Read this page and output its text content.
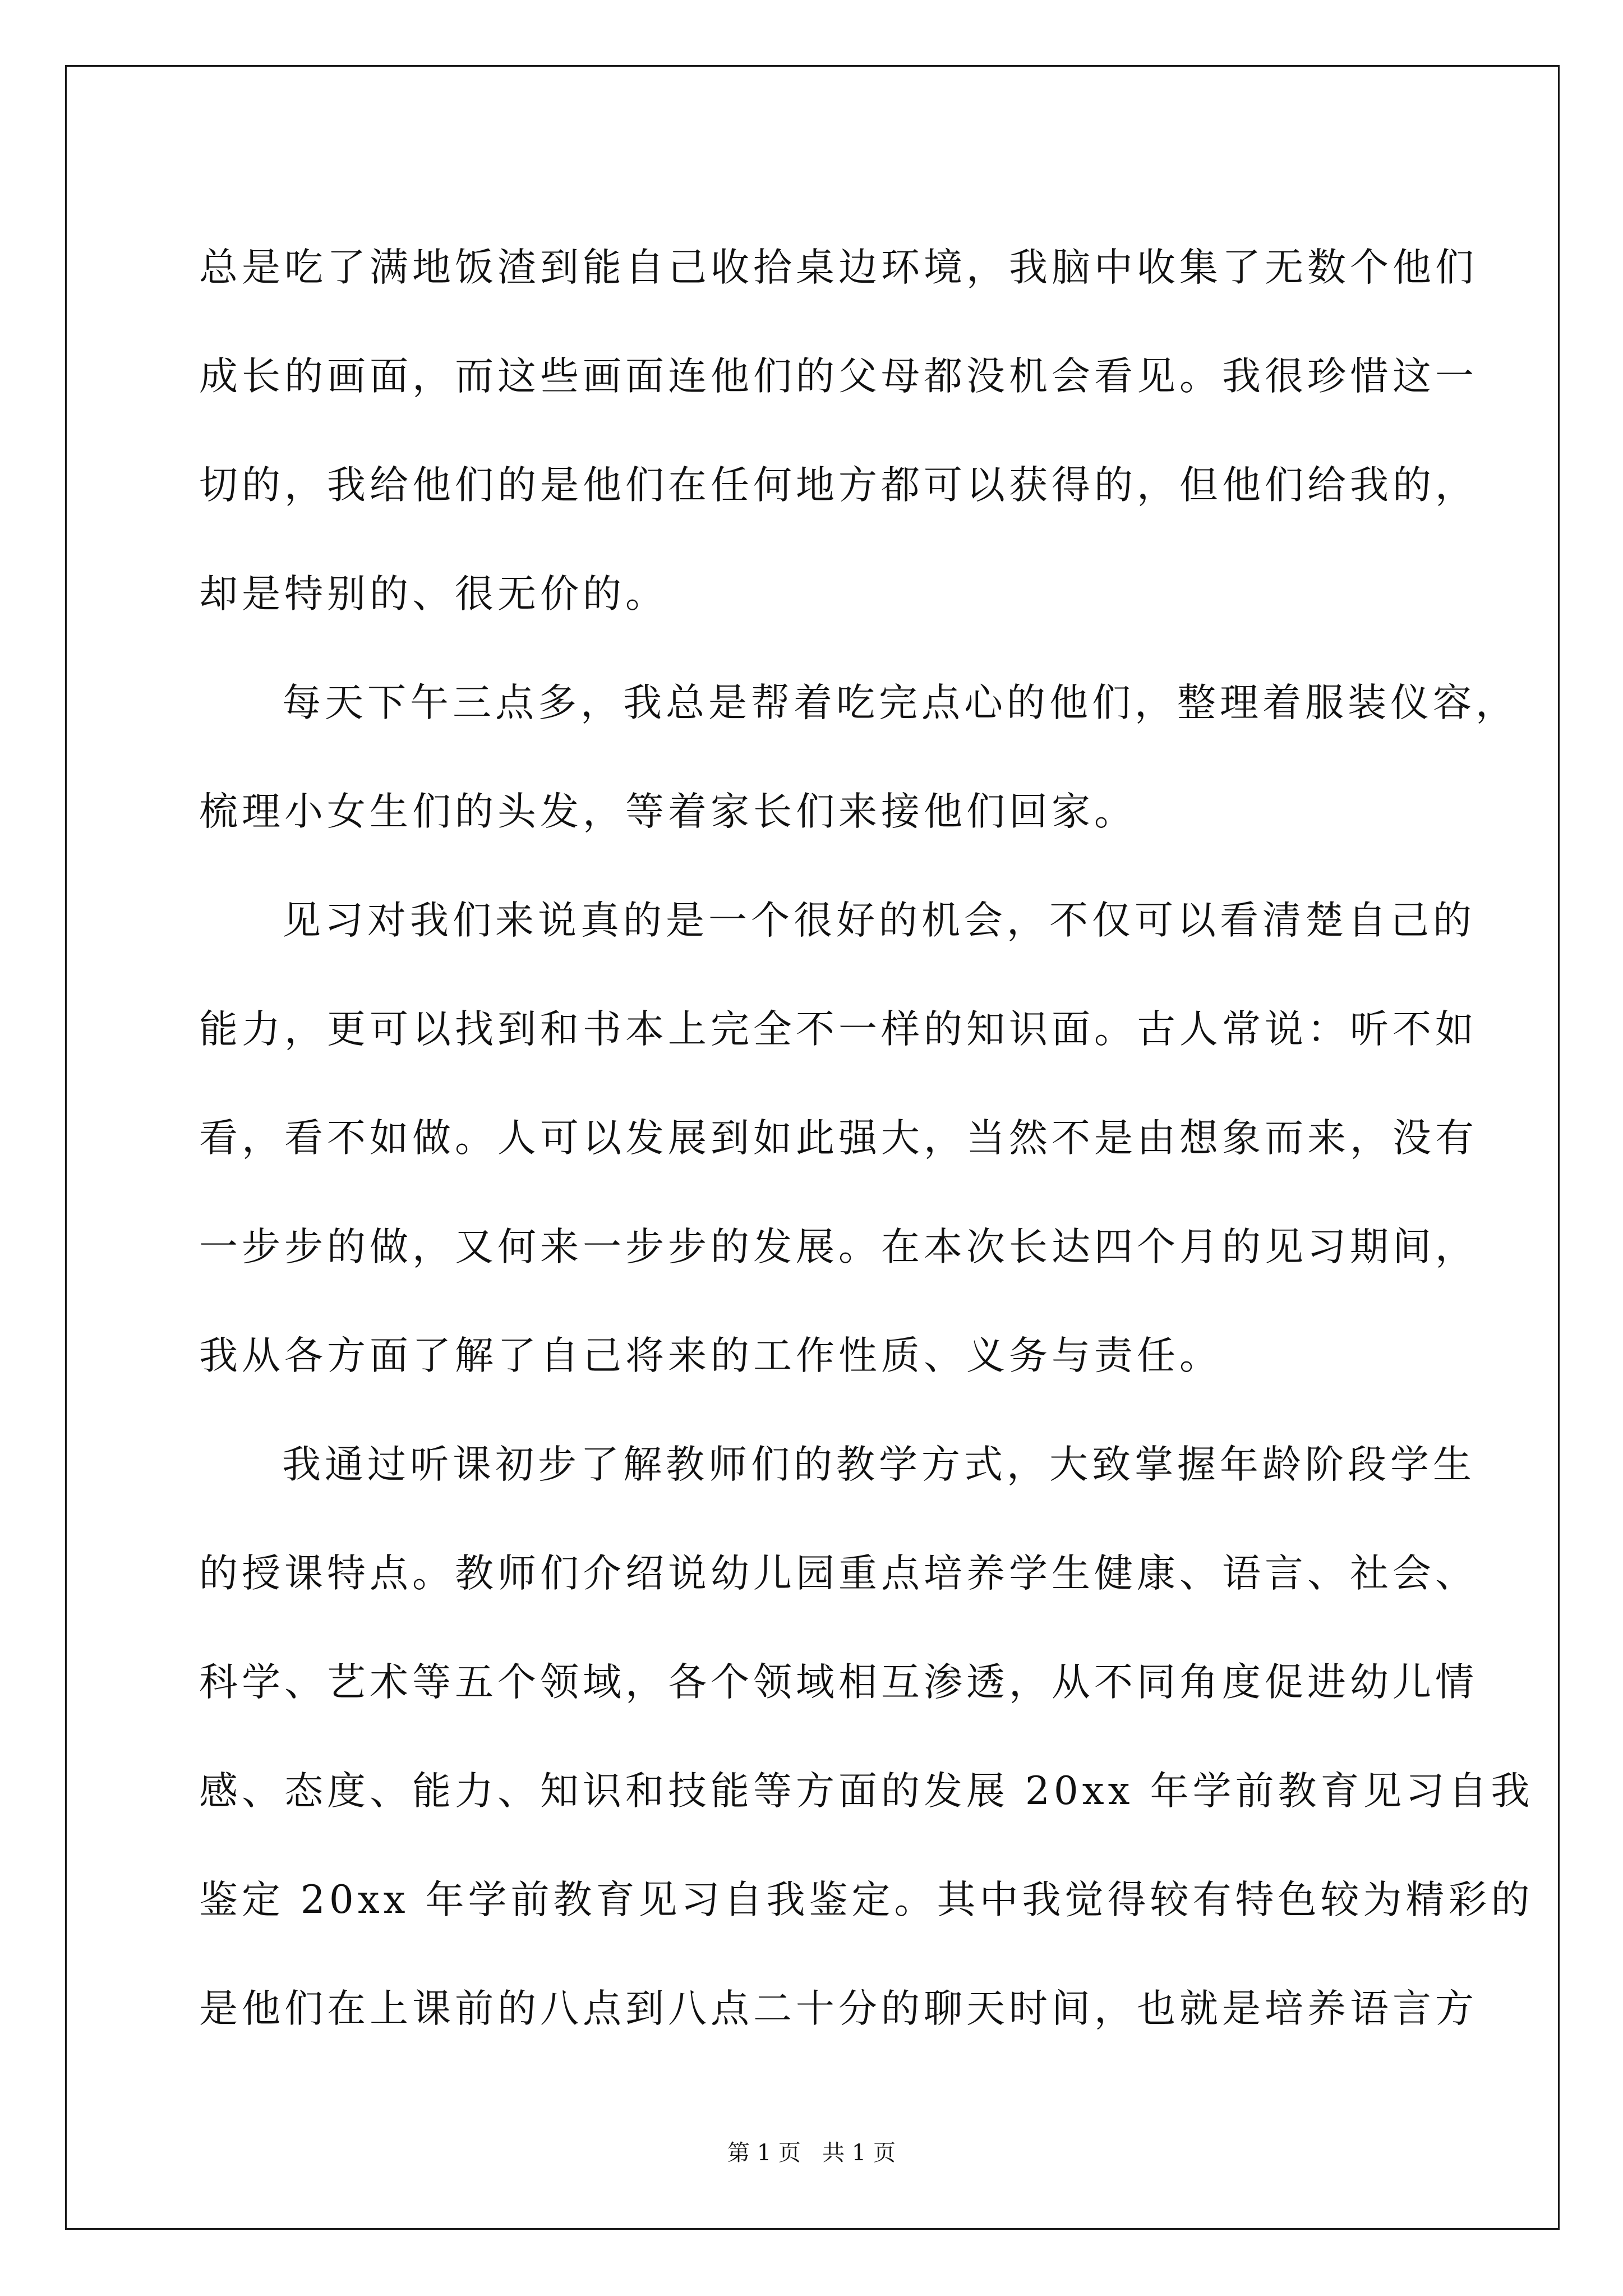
总是吃了满地饭渣到能自己收拾桌边环境，我脑中收集了无数个他们
成长的画面，而这些画面连他们的父母都没机会看见。我很珍惜这一
切的，我给他们的是他们在任何地方都可以获得的，但他们给我的，
却是特别的、很无价的。
每天下午三点多，我总是帮着吃完点心的他们，整理着服装仪容，
梳理小女生们的头发，等着家长们来接他们回家。
见习对我们来说真的是一个很好的机会，不仅可以看清楚自己的
能力，更可以找到和书本上完全不一样的知识面。古人常说：听不如
看，看不如做。人可以发展到如此强大，当然不是由想象而来，没有
一步步的做，又何来一步步的发展。在本次长达四个月的见习期间，
我从各方面了解了自己将来的工作性质、义务与责任。
我通过听课初步了解教师们的教学方式，大致掌握年龄阶段学生
的授课特点。教师们介绍说幼儿园重点培养学生健康、语言、社会、
科学、艺术等五个领域，各个领域相互渗透，从不同角度促进幼儿情
感、态度、能力、知识和技能等方面的发展 20xx 年学前教育见习自我
鉴定 20xx 年学前教育见习自我鉴定。其中我觉得较有特色较为精彩的
是他们在上课前的八点到八点二十分的聊天时间，也就是培养语言方
第 1 页   共 1 页
